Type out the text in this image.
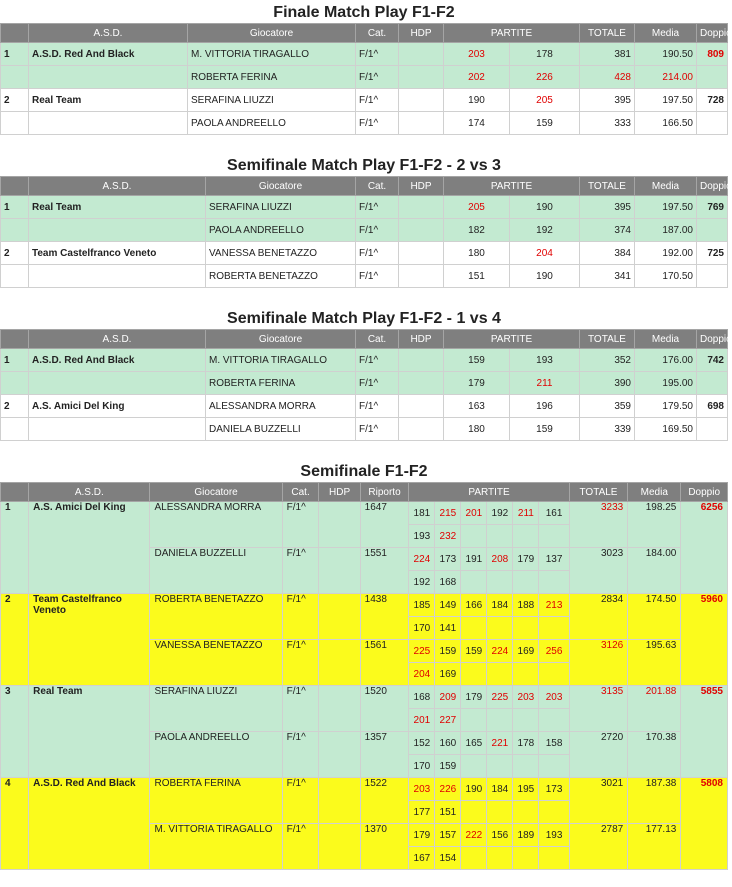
Finale Match Play F1-F2
	A.S.D.	Giocatore	Cat.	HDP	PARTITE		TOTALE	Media	Doppio
1	A.S.D. Red And Black	M. VITTORIA TIRAGALLO	F/1^		203	178	381	190.50	809
		ROBERTA FERINA	F/1^		202	226	428	214.00	
2	Real Team	SERAFINA LIUZZI	F/1^		190	205	395	197.50	728
		PAOLA ANDREELLO	F/1^		174	159	333	166.50	
Semifinale Match Play F1-F2 - 2 vs 3
	A.S.D.	Giocatore	Cat.	HDP	PARTITE		TOTALE	Media	Doppio
1	Real Team	SERAFINA LIUZZI	F/1^		205	190	395	197.50	769
		PAOLA ANDREELLO	F/1^		182	192	374	187.00	
2	Team Castelfranco Veneto	VANESSA BENETAZZO	F/1^		180	204	384	192.00	725
		ROBERTA BENETAZZO	F/1^		151	190	341	170.50	
Semifinale Match Play F1-F2 - 1 vs 4
	A.S.D.	Giocatore	Cat.	HDP	PARTITE		TOTALE	Media	Doppio
1	A.S.D. Red And Black	M. VITTORIA TIRAGALLO	F/1^		159	193	352	176.00	742
		ROBERTA FERINA	F/1^		179	211	390	195.00	
2	A.S. Amici Del King	ALESSANDRA MORRA	F/1^		163	196	359	179.50	698
		DANIELA BUZZELLI	F/1^		180	159	339	169.50	
Semifinale F1-F2
	A.S.D.	Giocatore	Cat.	HDP	Riporto	PARTITE						TOTALE	Media	Doppio
1	A.S. Amici Del King	ALESSANDRA MORRA	F/1^		1647	181	215	201	192	211	161	3233	198.25	6256
						193	232							
		DANIELA BUZZELLI	F/1^		1551	224	173	191	208	179	137	3023	184.00	
						192	168							
2	Team Castelfranco Veneto	ROBERTA BENETAZZO	F/1^		1438	185	149	166	184	188	213	2834	174.50	5960
						170	141							
		VANESSA BENETAZZO	F/1^		1561	225	159	159	224	169	256	3126	195.63	
						204	169							
3	Real Team	SERAFINA LIUZZI	F/1^		1520	168	209	179	225	203	203	3135	201.88	5855
						201	227							
		PAOLA ANDREELLO	F/1^		1357	152	160	165	221	178	158	2720	170.38	
						170	159							
4	A.S.D. Red And Black	ROBERTA FERINA	F/1^		1522	203	226	190	184	195	173	3021	187.38	5808
						177	151							
		M. VITTORIA TIRAGALLO	F/1^		1370	179	157	222	156	189	193	2787	177.13	
						167	154							
